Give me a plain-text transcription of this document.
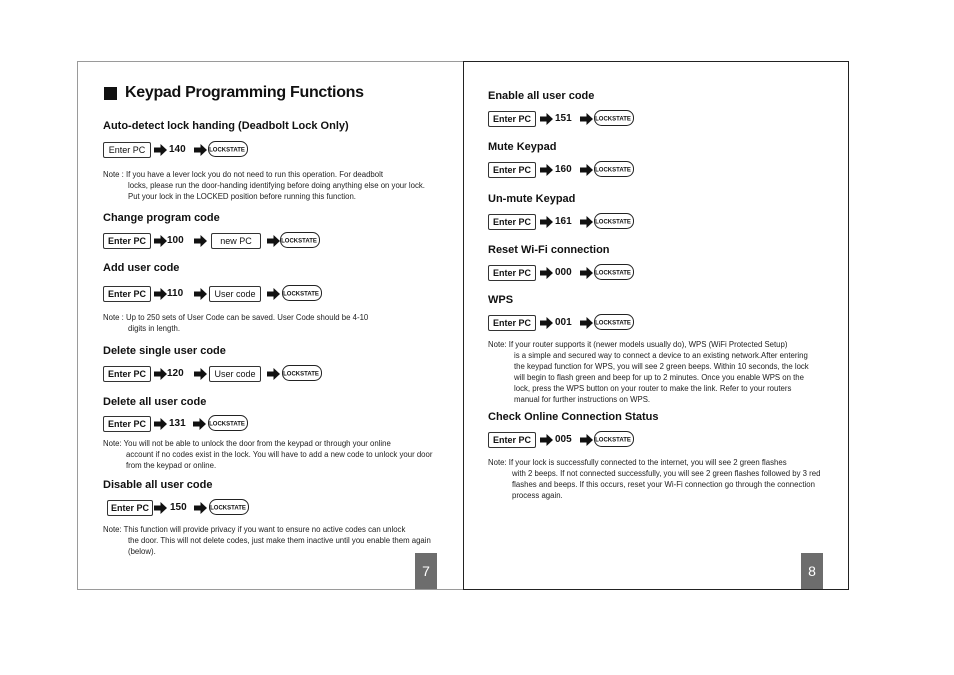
Keypad Programming Functions
Auto-detect lock handing (Deadbolt Lock Only)
Enter PC	140	LOCKSTATE
Note : If you have a lever lock you do not need to run this operation. For deadbolt
locks, please run the door-handing identifying before doing anything else on your lock. Put your lock in the LOCKED position before running this function.
Change program code
Enter PC	100	new PC	LOCKSTATE
Add user code
Enter PC	110	User code	LOCKSTATE
Note : Up to 250 sets of User Code can be saved. User Code should be 4-10
digits in length.
Delete single user code
Enter PC	120	User code	LOCKSTATE
Delete all user code
Enter PC	131	LOCKSTATE
Note: You will not be able to unlock the door from the keypad or through your online
account if no codes exist in the lock. You will have to add a new code to unlock your door from the keypad or online.
Disable all user code
Enter PC	150	LOCKSTATE
Note: This function will provide privacy if you want to ensure no active codes can unlock
the door. This will not delete codes, just make them inactive until you enable them again (below).
7
Enable all user code
Enter PC	151	LOCKSTATE
Mute Keypad
Enter PC	160	LOCKSTATE
Un-mute Keypad
Enter PC	161	LOCKSTATE
Reset Wi-Fi connection
Enter PC	000	LOCKSTATE
WPS
Enter PC	001	LOCKSTATE
Note: If your router supports it (newer models usually do), WPS (WiFi Protected Setup)
is a simple and secured way to connect a device to an existing network.After entering the keypad function for WPS, you will see 2 green beeps. Within 10 seconds, the lock will begin to flash green and beep for up to 2 minutes. Once you enable WPS on the lock, press the WPS button on your router to make the link. Refer to your routers manual for further instructions on WPS.
Check Online Connection Status
Enter PC	005	LOCKSTATE
Note: If your lock is successfully connected to the internet, you will see 2 green flashes
with 2 beeps. If not connected successfully, you will see 2 green flashes followed by 3 red flashes and beeps. If this occurs, reset your Wi-Fi connection go through the connection process again.
8
